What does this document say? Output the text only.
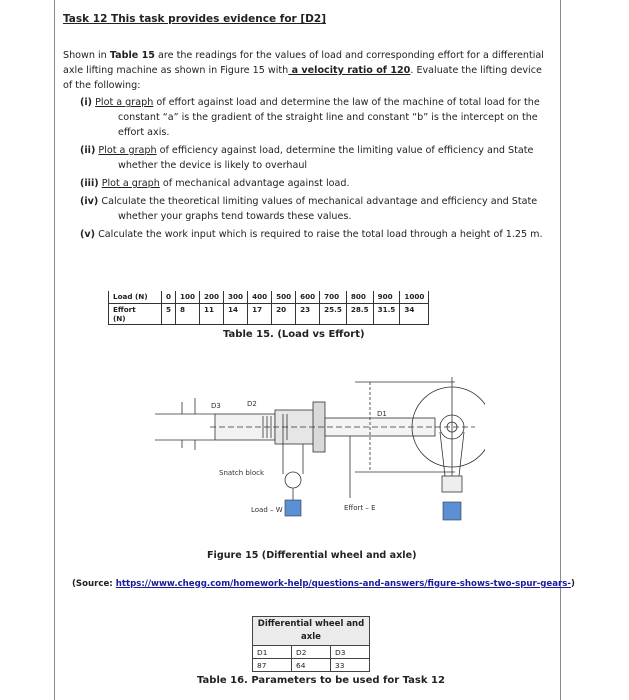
Task 12 This task provides evidence for [D2]
Shown in Table 15 are the readings for the values of load and corresponding effort for a differential axle lifting machine as shown in Figure 15 with a velocity ratio of 120. Evaluate the lifting device of the following:
(i) Plot a graph of effort against load and determine the law of the machine of total load for the constant “a” is the gradient of the straight line and constant “b” is the intercept on the effort axis.
(ii) Plot a graph of efficiency against load, determine the limiting value of efficiency and State whether the device is likely to overhaul
(iii) Plot a graph of mechanical advantage against load.
(iv) Calculate the theoretical limiting values of mechanical advantage and efficiency and State whether your graphs tend towards these values.
(v) Calculate the work input which is required to raise the total load through a height of 1.25 m.
Load (N)	0	100	200	300	400	500	600	700	800	900	1000
Effort
(N)	5	8	11	14	17	20	23	25.5	28.5	31.5	34
Table 15. (Load vs Effort)
D3	D2
D1
Snatch block
Load – W	Effort – E
Figure 15 (Differential wheel and axle)
(Source: https://www.chegg.com/homework-help/questions-and-answers/figure-shows-two-spur-gears-)
Differential wheel and axle		
D1	D2	D3
87	64	33
Table 16. Parameters to be used for Task 12
